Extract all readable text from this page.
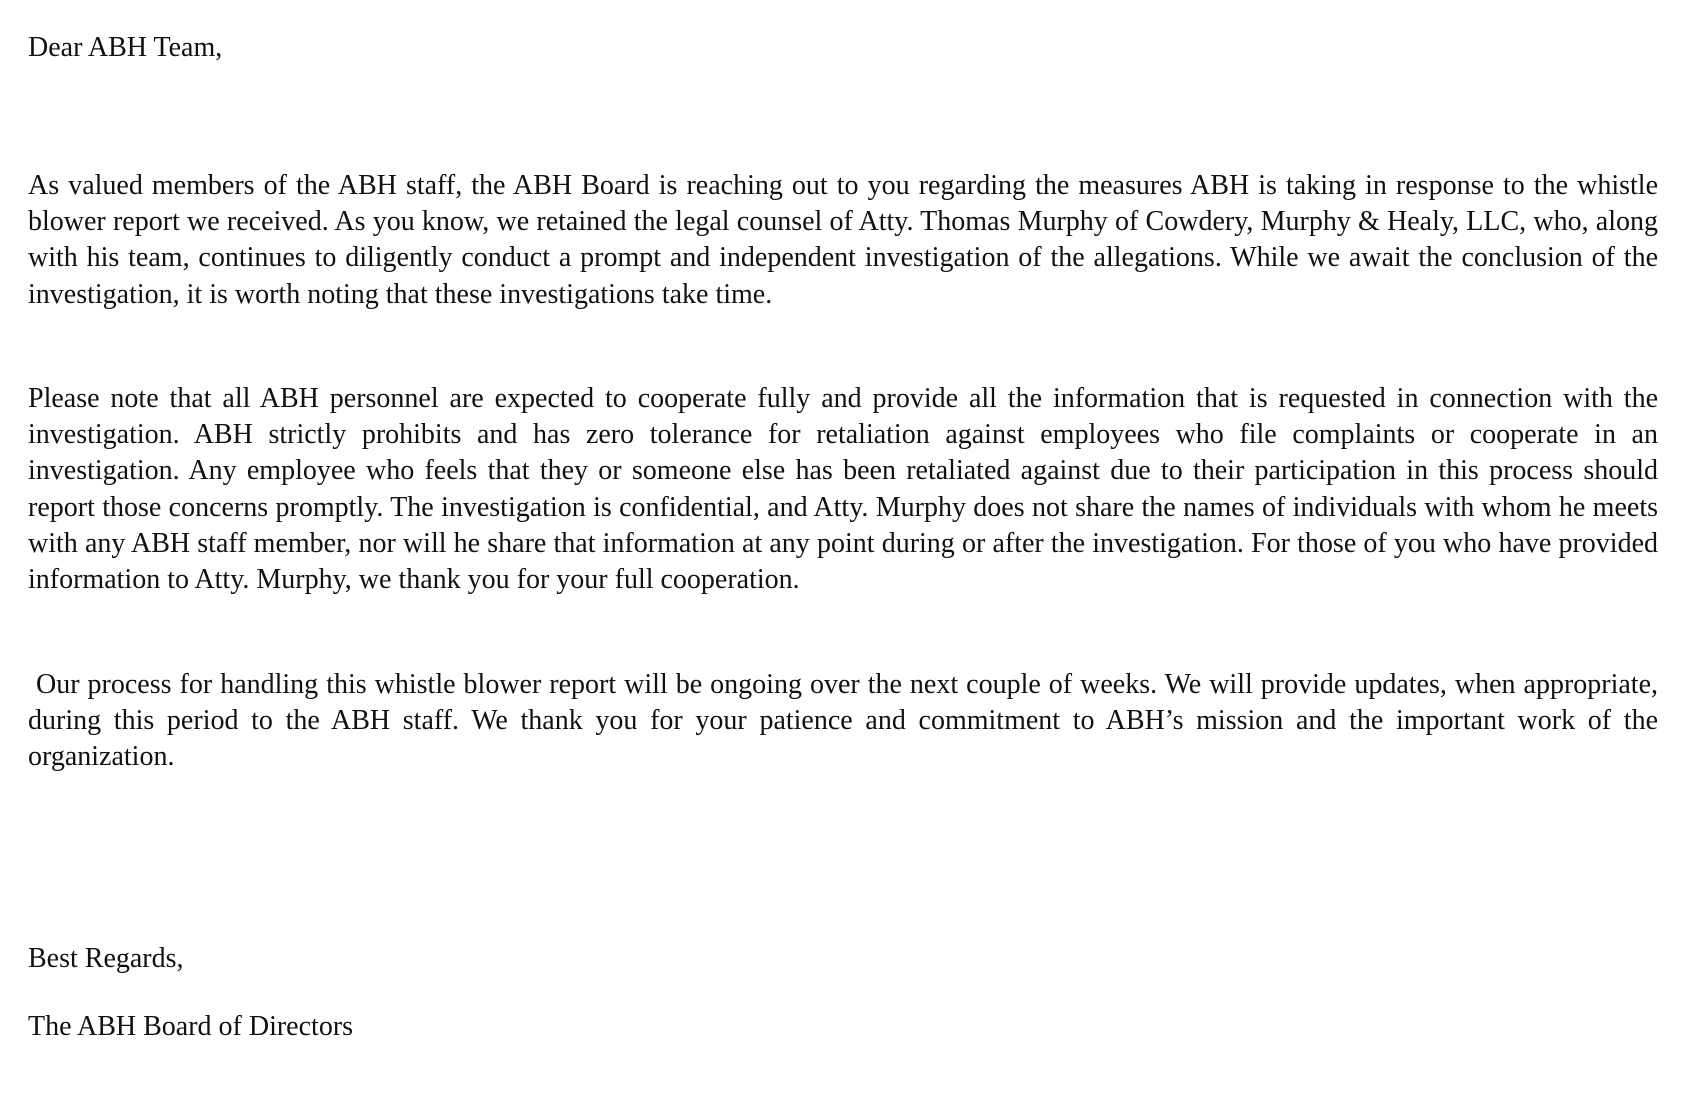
Dear ABH Team,

As valued members of the ABH staff, the ABH Board is reaching out to you regarding the measures ABH is taking in response to the whistle blower report we received. As you know, we retained the legal counsel of Atty. Thomas Murphy of Cowdery, Murphy & Healy, LLC, who, along with his team, continues to diligently conduct a prompt and independent investigation of the allegations. While we await the conclusion of the investigation, it is worth noting that these investigations take time.

Please note that all ABH personnel are expected to cooperate fully and provide all the information that is requested in connection with the investigation. ABH strictly prohibits and has zero tolerance for retaliation against employees who file complaints or cooperate in an investigation. Any employee who feels that they or someone else has been retaliated against due to their participation in this process should report those concerns promptly. The investigation is confidential, and Atty. Murphy does not share the names of individuals with whom he meets with any ABH staff member, nor will he share that information at any point during or after the investigation. For those of you who have provided information to Atty. Murphy, we thank you for your full cooperation.

Our process for handling this whistle blower report will be ongoing over the next couple of weeks. We will provide updates, when appropriate, during this period to the ABH staff. We thank you for your patience and commitment to ABH’s mission and the important work of the organization.

Best Regards,

The ABH Board of Directors
